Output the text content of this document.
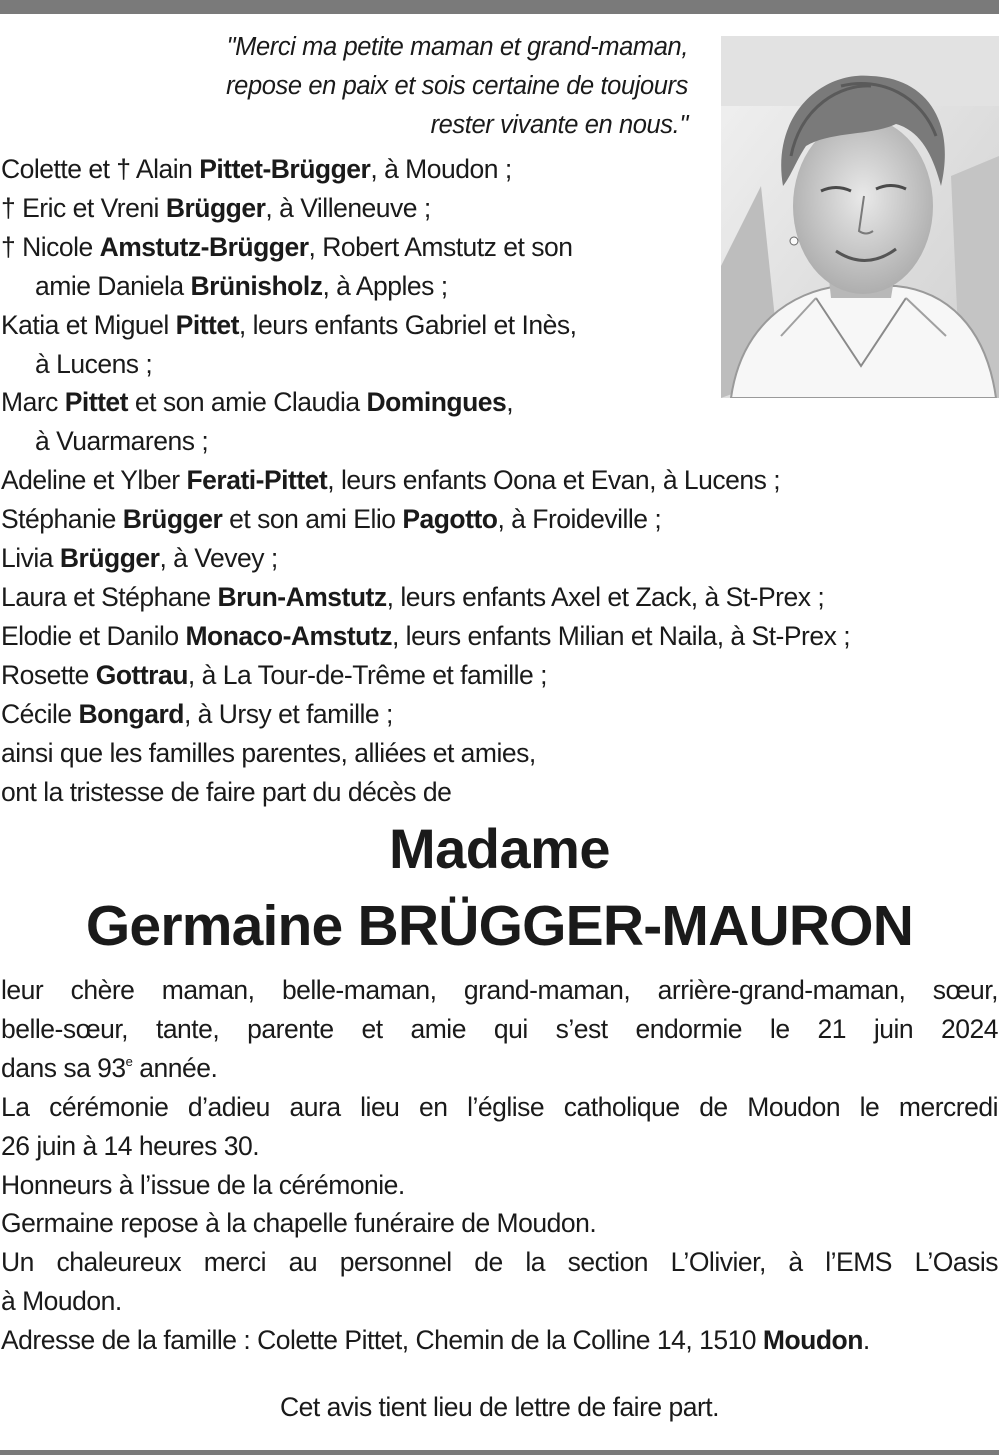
"Merci ma petite maman et grand-maman,
repose en paix et sois certaine de toujours
rester vivante en nous."
Colette et † Alain Pittet-Brügger, à Moudon ;
† Eric et Vreni Brügger, à Villeneuve ;
† Nicole Amstutz-Brügger, Robert Amstutz et son
amie Daniela Brünisholz, à Apples ;
Katia et Miguel Pittet, leurs enfants Gabriel et Inès,
à Lucens ;
Marc Pittet et son amie Claudia Domingues,
à Vuarmarens ;
Adeline et Ylber Ferati-Pittet, leurs enfants Oona et Evan, à Lucens ;
Stéphanie Brügger et son ami Elio Pagotto, à Froideville ;
Livia Brügger, à Vevey ;
Laura et Stéphane Brun-Amstutz, leurs enfants Axel et Zack, à St-Prex ;
Elodie et Danilo Monaco-Amstutz, leurs enfants Milian et Naila, à St-Prex ;
Rosette Gottrau, à La Tour-de-Trême et famille ;
Cécile Bongard, à Ursy et famille ;
ainsi que les familles parentes, alliées et amies,
ont la tristesse de faire part du décès de
Madame
Germaine BRÜGGER-MAURON
leur chère maman, belle-maman, grand-maman, arrière-grand-maman, sœur,
belle-sœur, tante, parente et amie qui s’est endormie le 21 juin 2024
dans sa 93e année.
La cérémonie d’adieu aura lieu en l’église catholique de Moudon le mercredi
26 juin à 14 heures 30.
Honneurs à l’issue de la cérémonie.
Germaine repose à la chapelle funéraire de Moudon.
Un chaleureux merci au personnel de la section L’Olivier, à l’EMS L’Oasis
à Moudon.
Adresse de la famille : Colette Pittet, Chemin de la Colline 14, 1510 Moudon.
Cet avis tient lieu de lettre de faire part.
